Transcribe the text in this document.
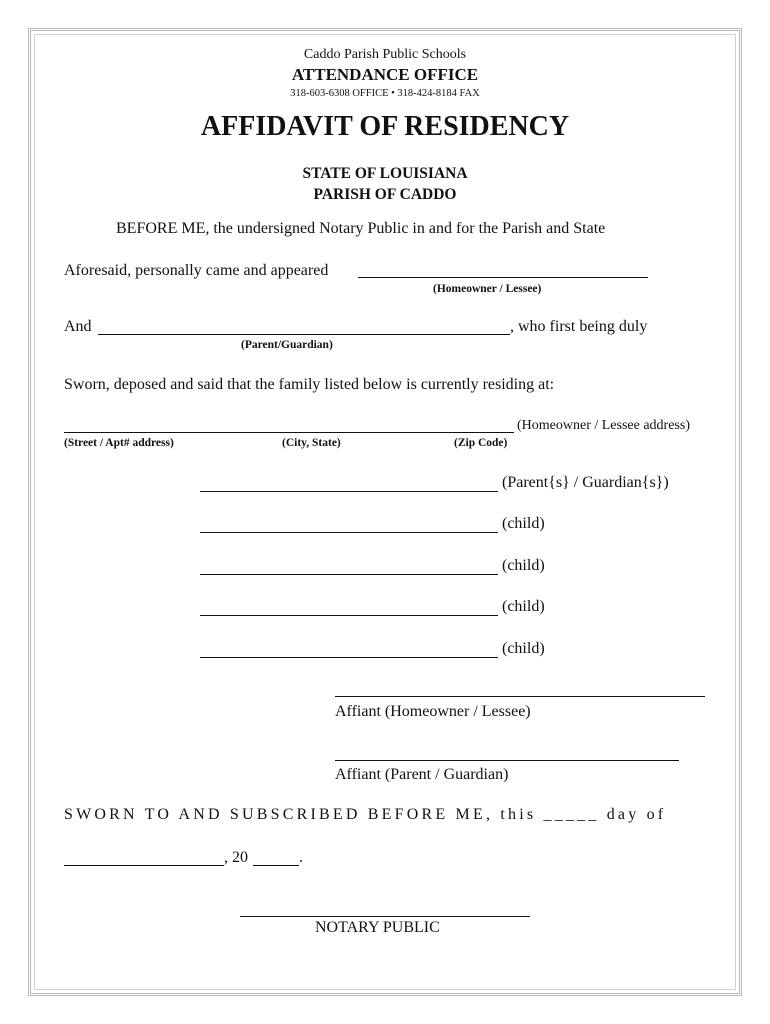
Caddo Parish Public Schools
ATTENDANCE OFFICE
318-603-6308 OFFICE • 318-424-8184 FAX
AFFIDAVIT OF RESIDENCY
STATE OF LOUISIANA
PARISH OF CADDO
BEFORE ME, the undersigned Notary Public in and for the Parish and State
Aforesaid, personally came and appeared
(Homeowner / Lessee)
And	, who first being duly
(Parent/Guardian)
Sworn, deposed and said that the family listed below is currently residing at:
(Homeowner / Lessee address)
(Street / Apt# address)	(City, State)	(Zip Code)
(Parent{s} / Guardian{s})
(child)
(child)
(child)
(child)
Affiant (Homeowner / Lessee)
Affiant (Parent / Guardian)
SWORN TO AND SUBSCRIBED BEFORE ME, this _____ day of
, 20	.
NOTARY PUBLIC
